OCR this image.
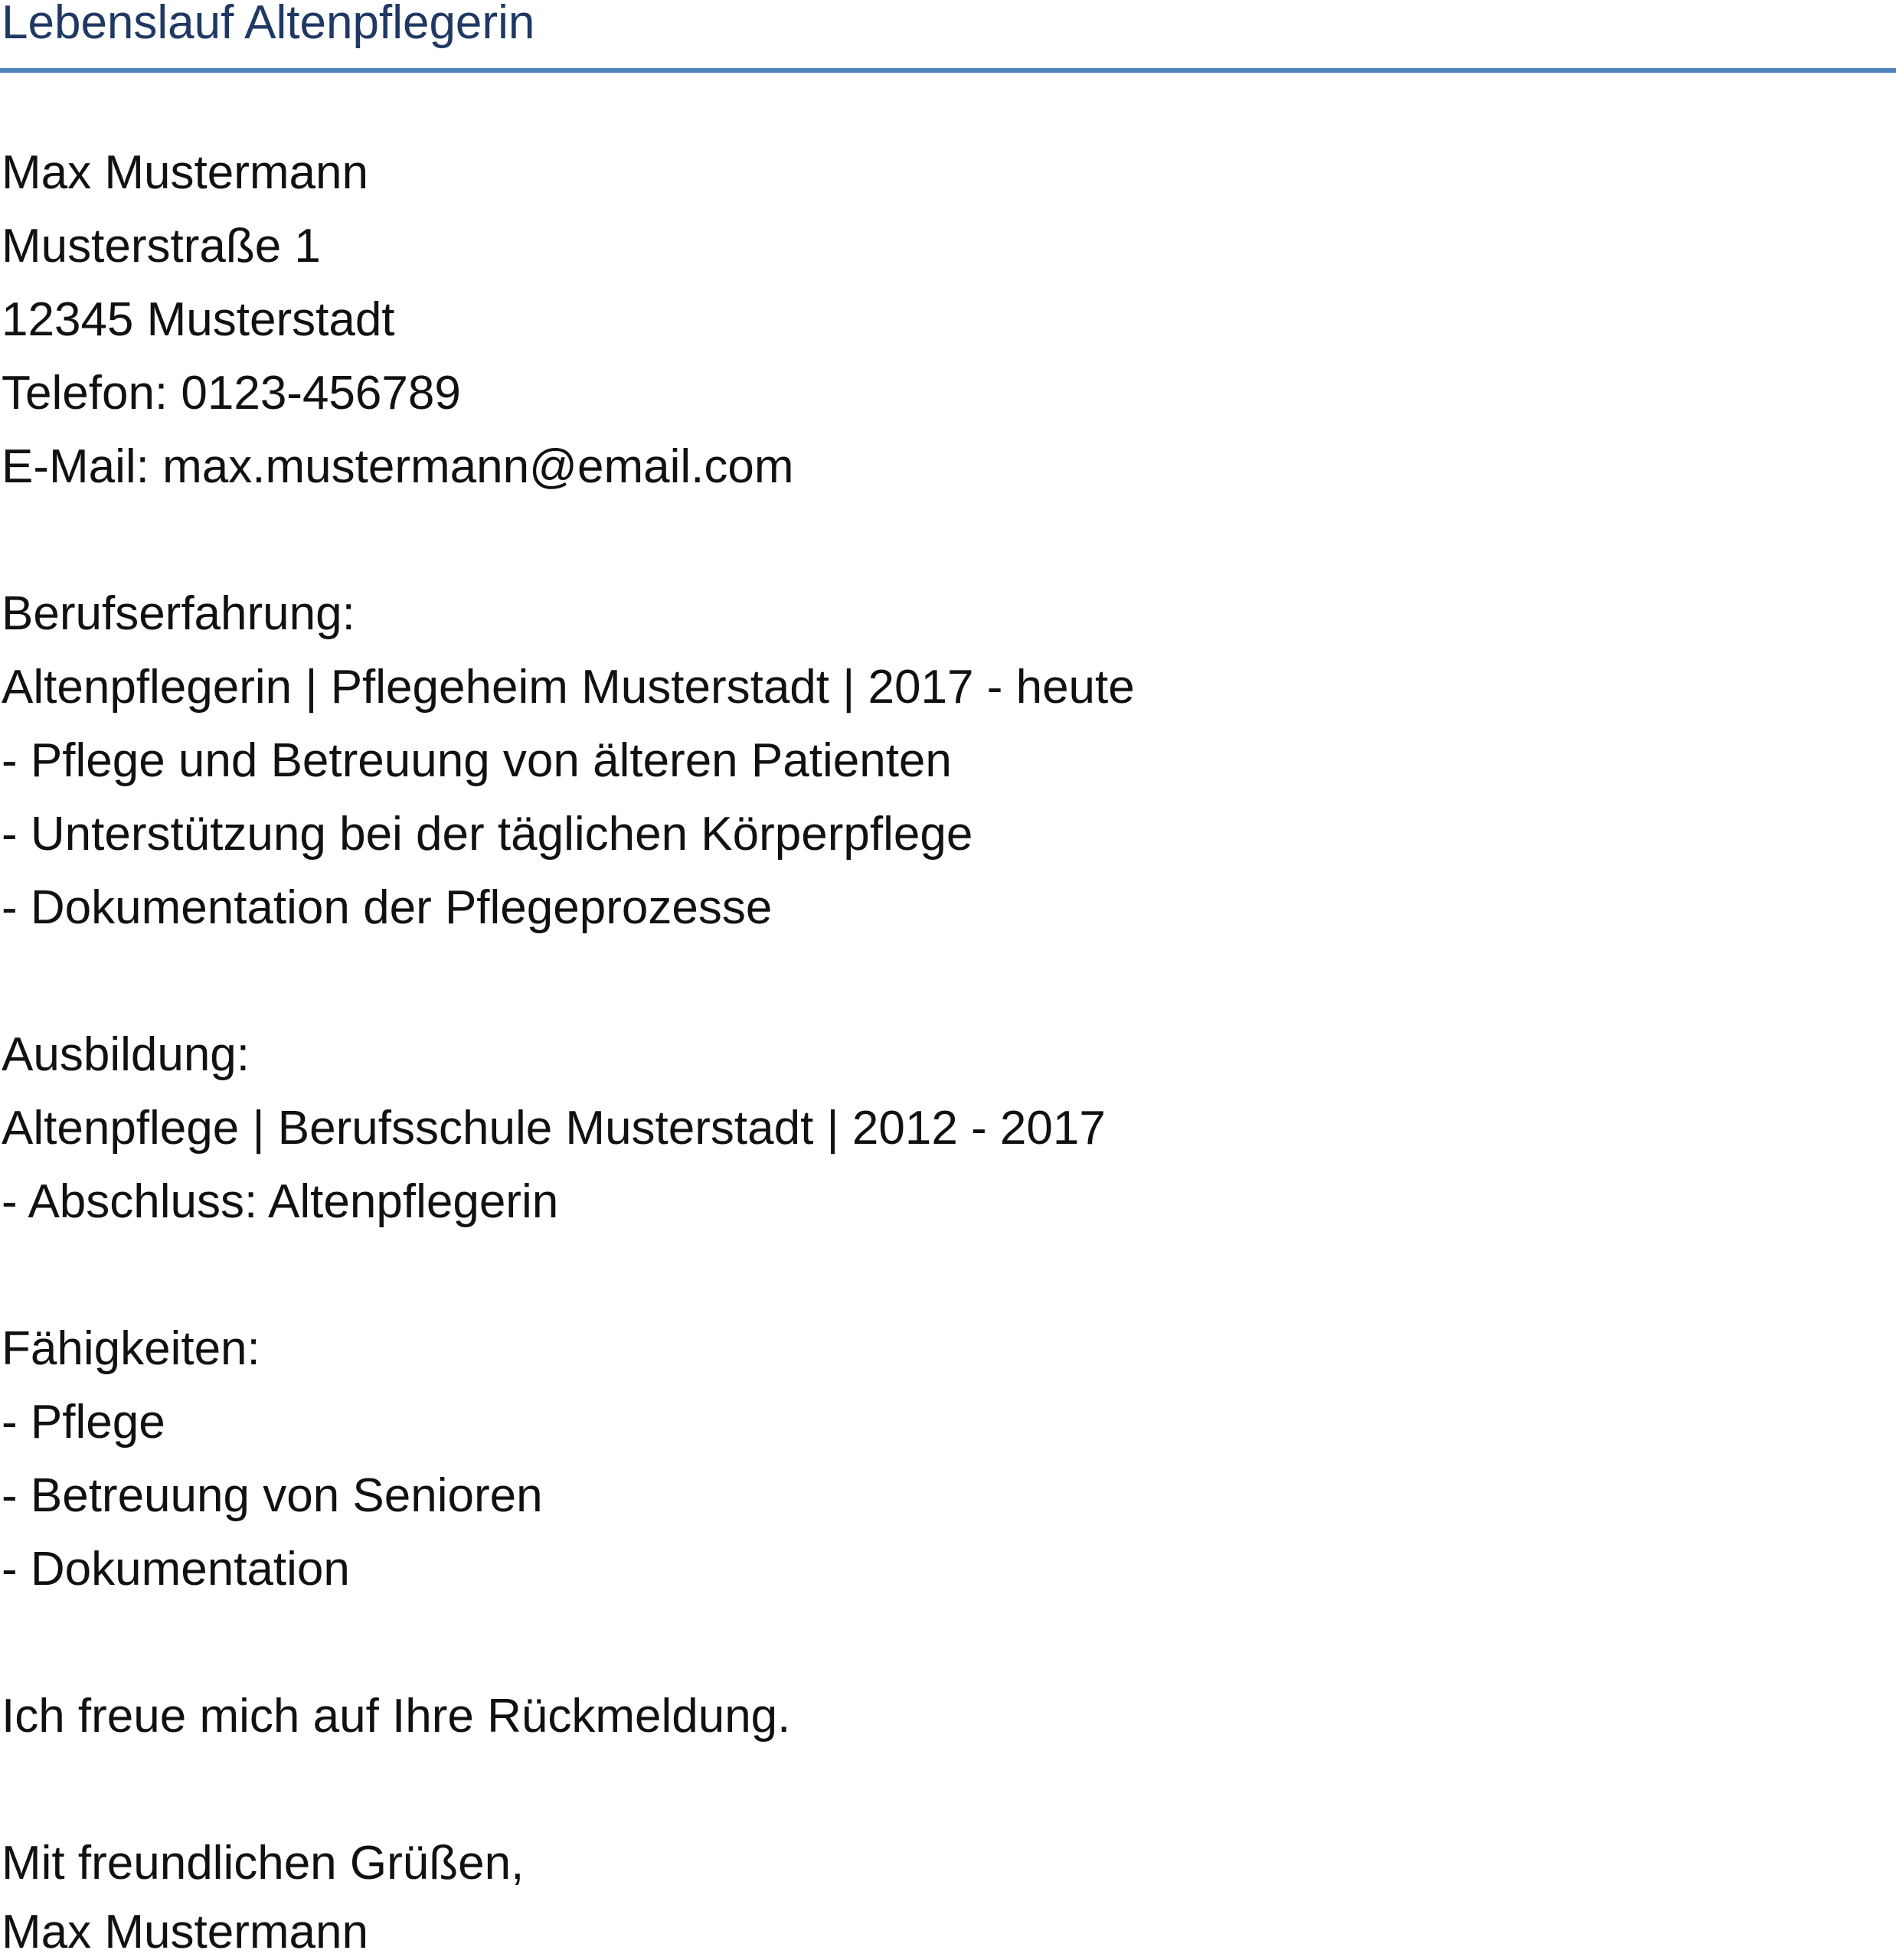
Lebenslauf Altenpflegerin
Max Mustermann
Musterstraße 1
12345 Musterstadt
Telefon: 0123-456789
E-Mail: max.mustermann@email.com
Berufserfahrung:
Altenpflegerin | Pflegeheim Musterstadt | 2017 - heute
- Pflege und Betreuung von älteren Patienten
- Unterstützung bei der täglichen Körperpflege
- Dokumentation der Pflegeprozesse
Ausbildung:
Altenpflege | Berufsschule Musterstadt | 2012 - 2017
- Abschluss: Altenpflegerin
Fähigkeiten:
- Pflege
- Betreuung von Senioren
- Dokumentation
Ich freue mich auf Ihre Rückmeldung.
Mit freundlichen Grüßen,
Max Mustermann
